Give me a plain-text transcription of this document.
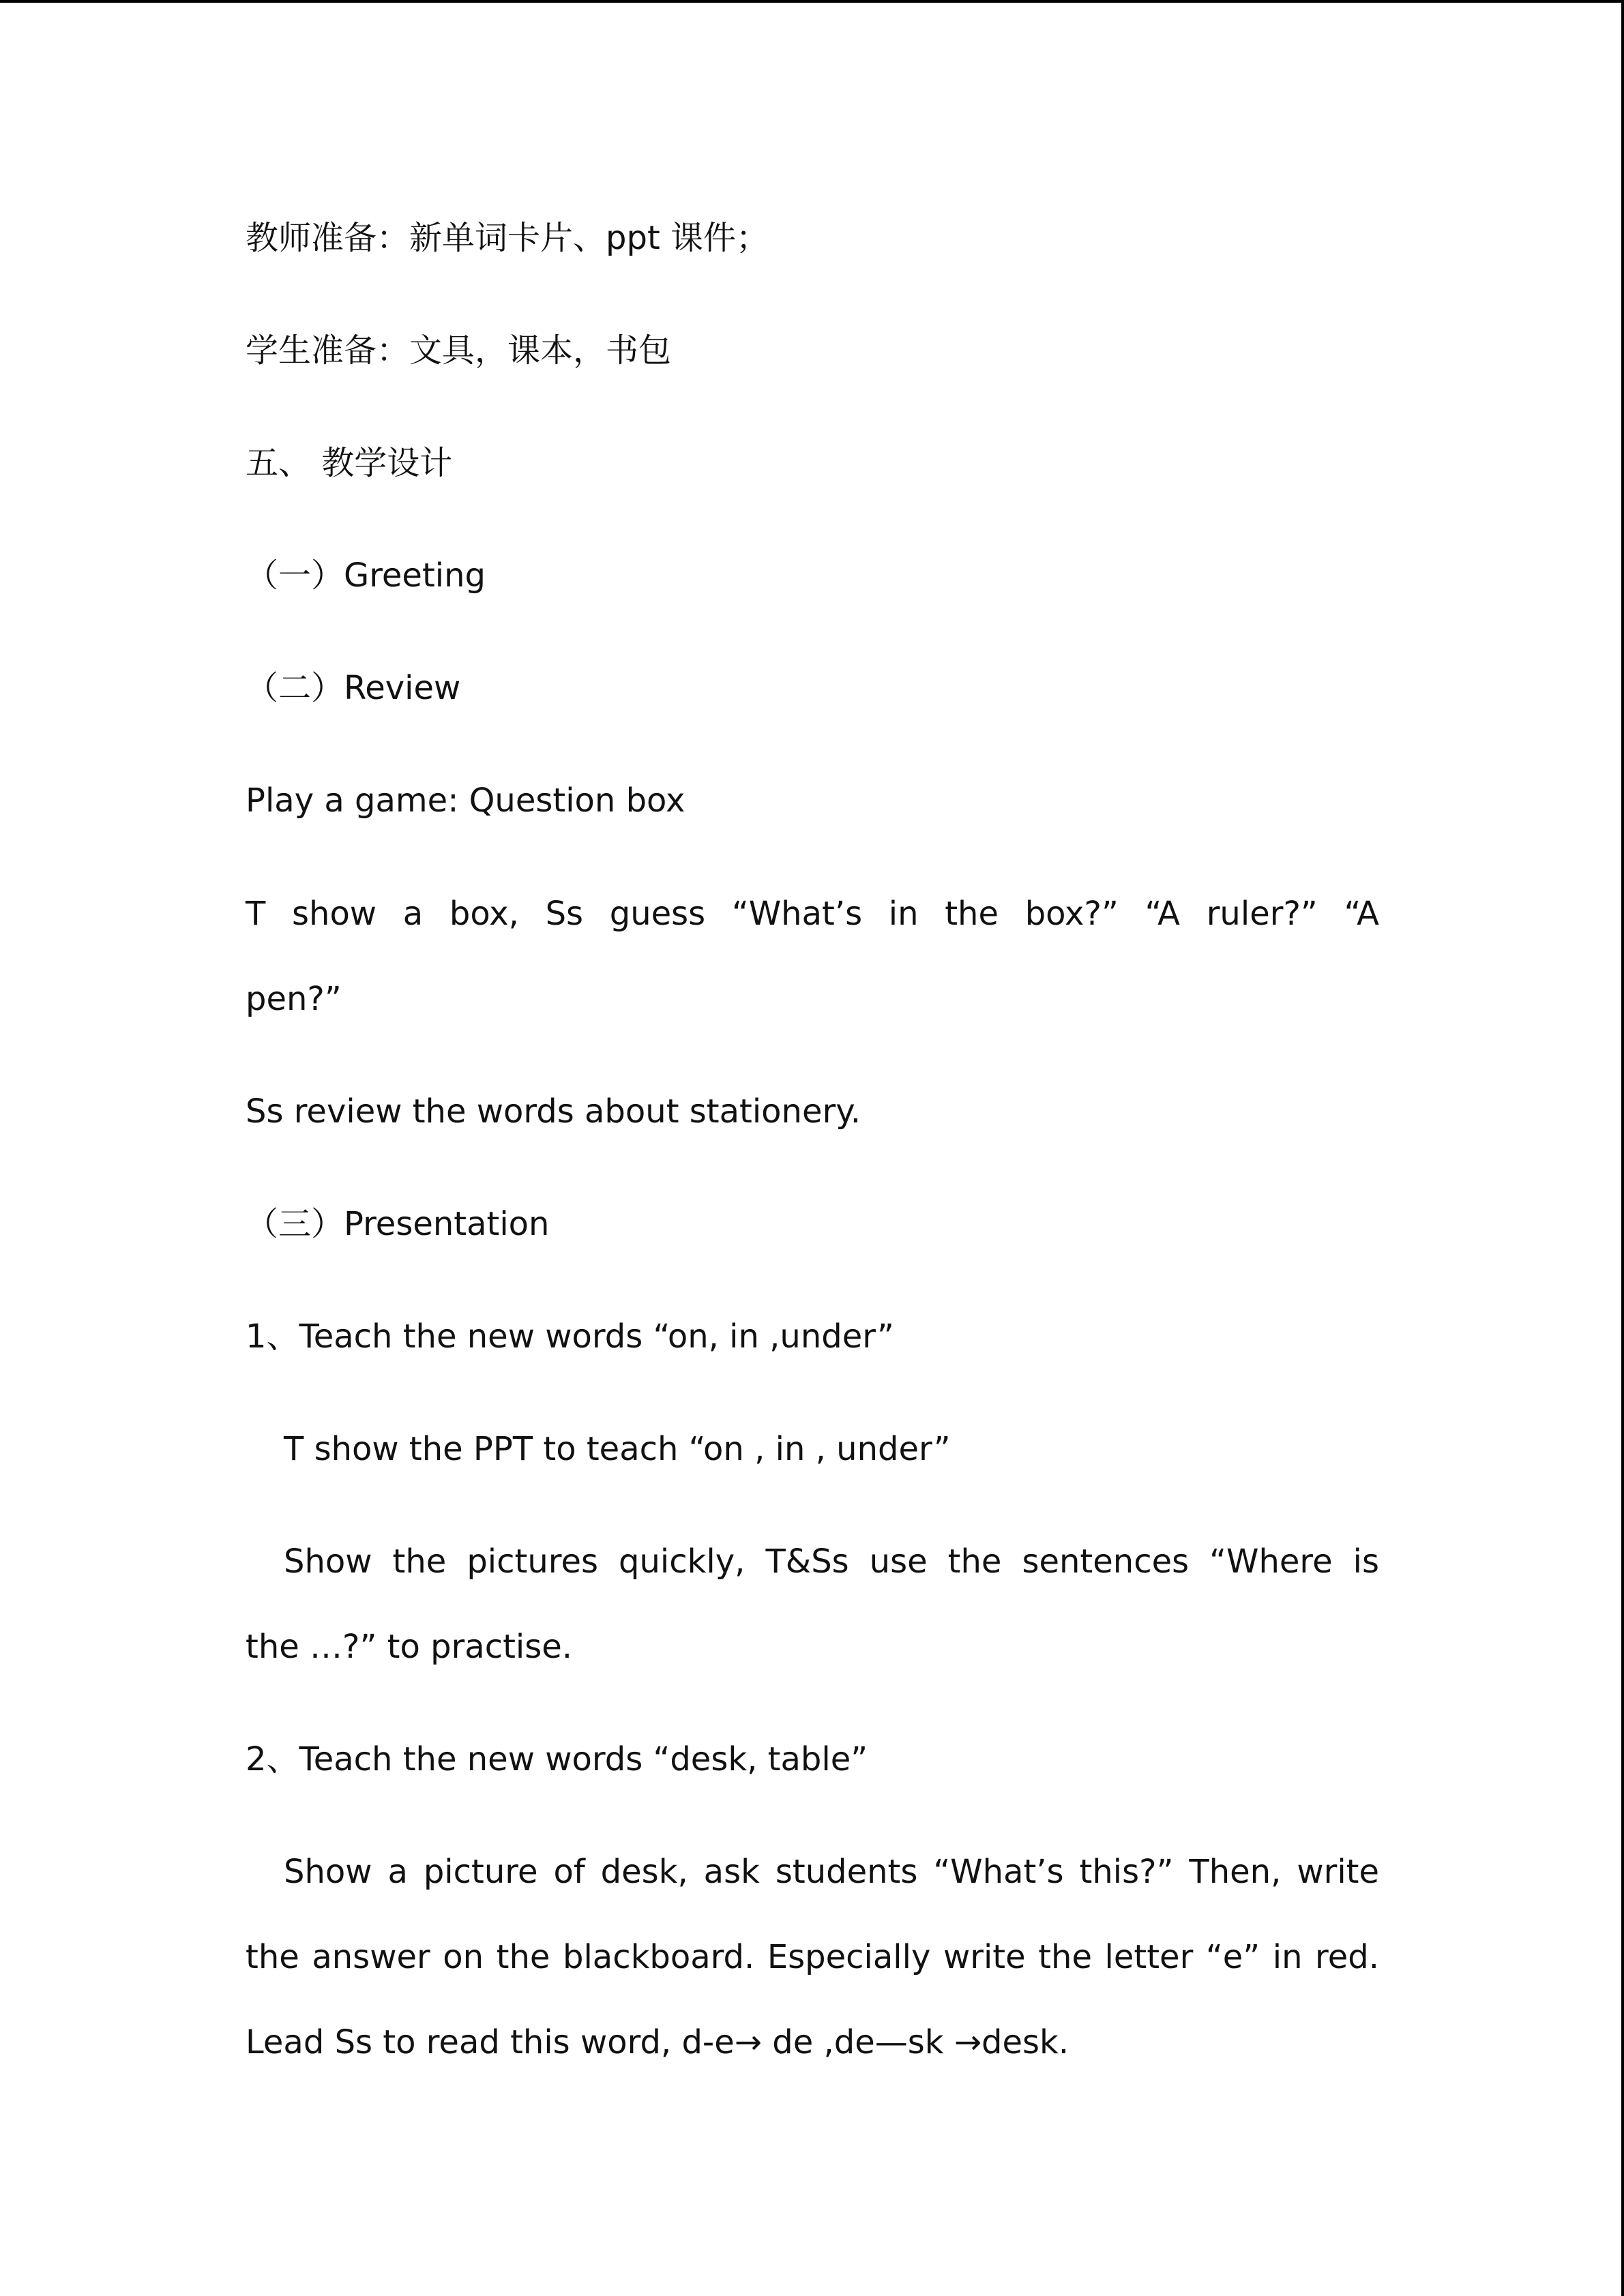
教师准备：新单词卡片、ppt 课件；
学生准备：文具，课本，书包
五、 教学设计
（一）Greeting
（二）Review
Play a game: Question box
T show a box, Ss guess “What’s in the box?” “A ruler?” “A
pen?”
Ss review the words about stationery.
（三）Presentation
1、Teach the new words “on, in ,under”
T show the PPT to teach “on , in , under”
Show the pictures quickly, T&Ss use the sentences “Where is
the …?” to practise.
2、Teach the new words “desk, table”
Show a picture of desk, ask students “What’s this?” Then, write
the answer on the blackboard. Especially write the letter “e” in red.
Lead Ss to read this word, d-e→ de ,de—sk →desk.
